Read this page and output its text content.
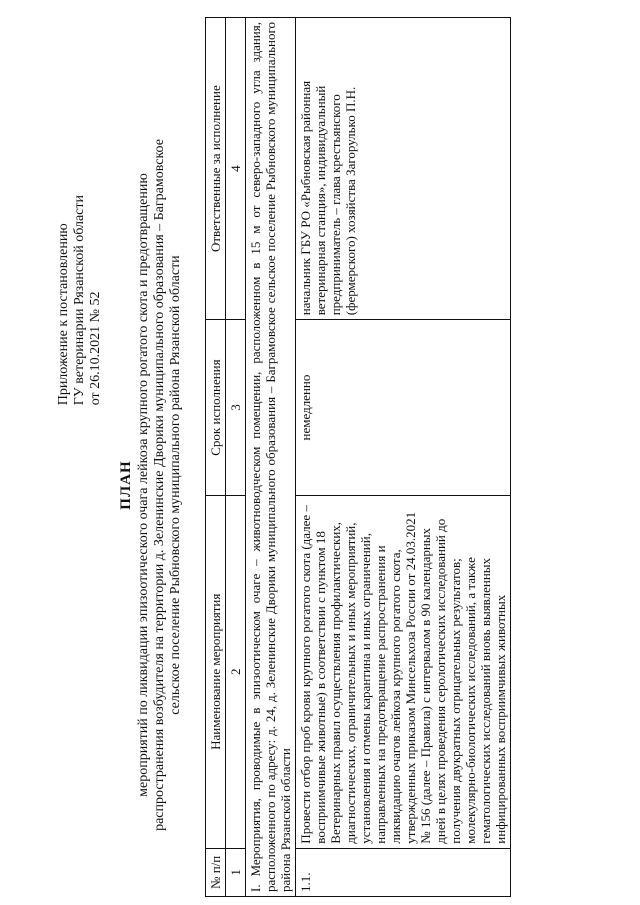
Приложение к постановлению ГУ ветеринарии Рязанской области от 26.10.2021 № 52
ПЛАН мероприятий по ликвидации эпизоотического очага лейкоза крупного рогатого скота и предотвращению распространения возбудителя на территории д. Зеленинские Дворики муниципального образования – Баграмовское сельское поселение Рыбновского муниципального района Рязанской области
№ п/п	Наименование мероприятия	Срок исполнения	Ответственные за исполнение
1	2	3	4
I. Мероприятия, проводимые в эпизоотическом очаге – животноводческом помещении, расположенном в 15 м от северо-западного угла здания, расположенного по адресу: д. 24, д. Зеленинские Дворики муниципального образования – Баграмовское сельское поселение Рыбновского муниципального района Рязанской области			
1.1.	Провести отбор проб крови крупного рогатого скота (далее – восприимчивые животные) в соответствии с пунктом 18 Ветеринарных правил осуществления профилактических, диагностических, ограничительных и иных мероприятий, установления и отмены карантина и иных ограничений, направленных на предотвращение распространения и ликвидацию очагов лейкоза крупного рогатого скота, утвержденных приказом Минсельхоза России от 24.03.2021 № 156 (далее – Правила) с интервалом в 90 календарных дней в целях проведения серологических исследований до получения двукратных отрицательных результатов; молекулярно-биологических исследований, а также гематологических исследований вновь выявленных инфицированных восприимчивых животных	немедленно	начальник ГБУ РО «Рыбновская районная ветеринарная станция», индивидуальный предприниматель – глава крестьянского (фермерского) хозяйства Загорулько П.Н.
